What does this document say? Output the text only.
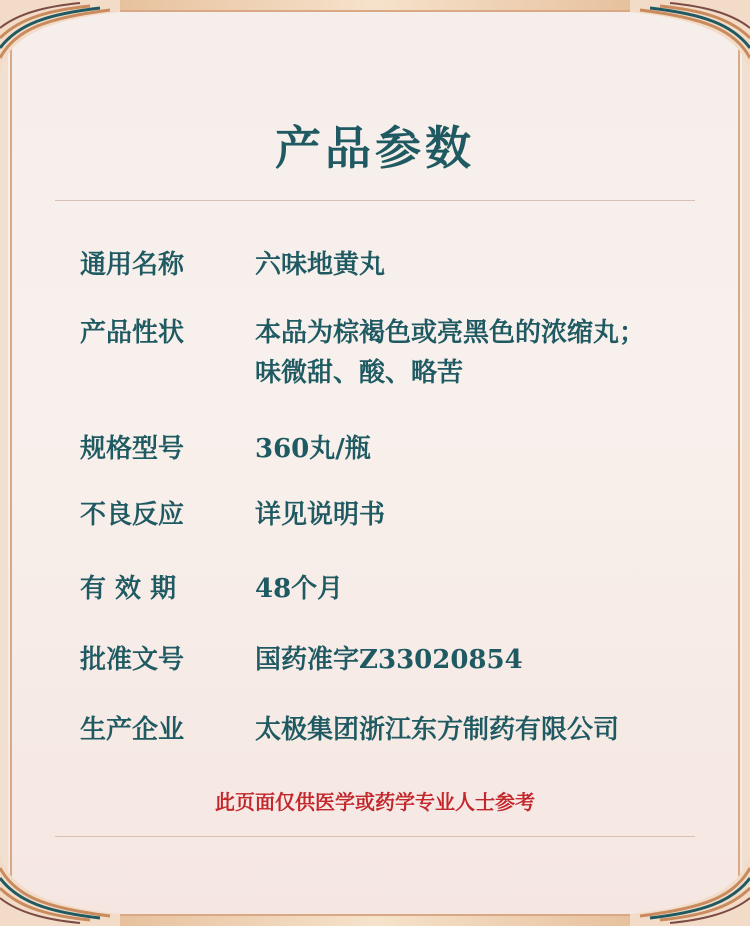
产品参数
通用名称	六味地黄丸
产品性状	本品为棕褐色或亮黑色的浓缩丸；
味微甜、酸、略苦
规格型号	360丸/瓶
不良反应	详见说明书
有 效 期	48个月
批准文号	国药准字Z33020854
生产企业	太极集团浙江东方制药有限公司
此页面仅供医学或药学专业人士参考
